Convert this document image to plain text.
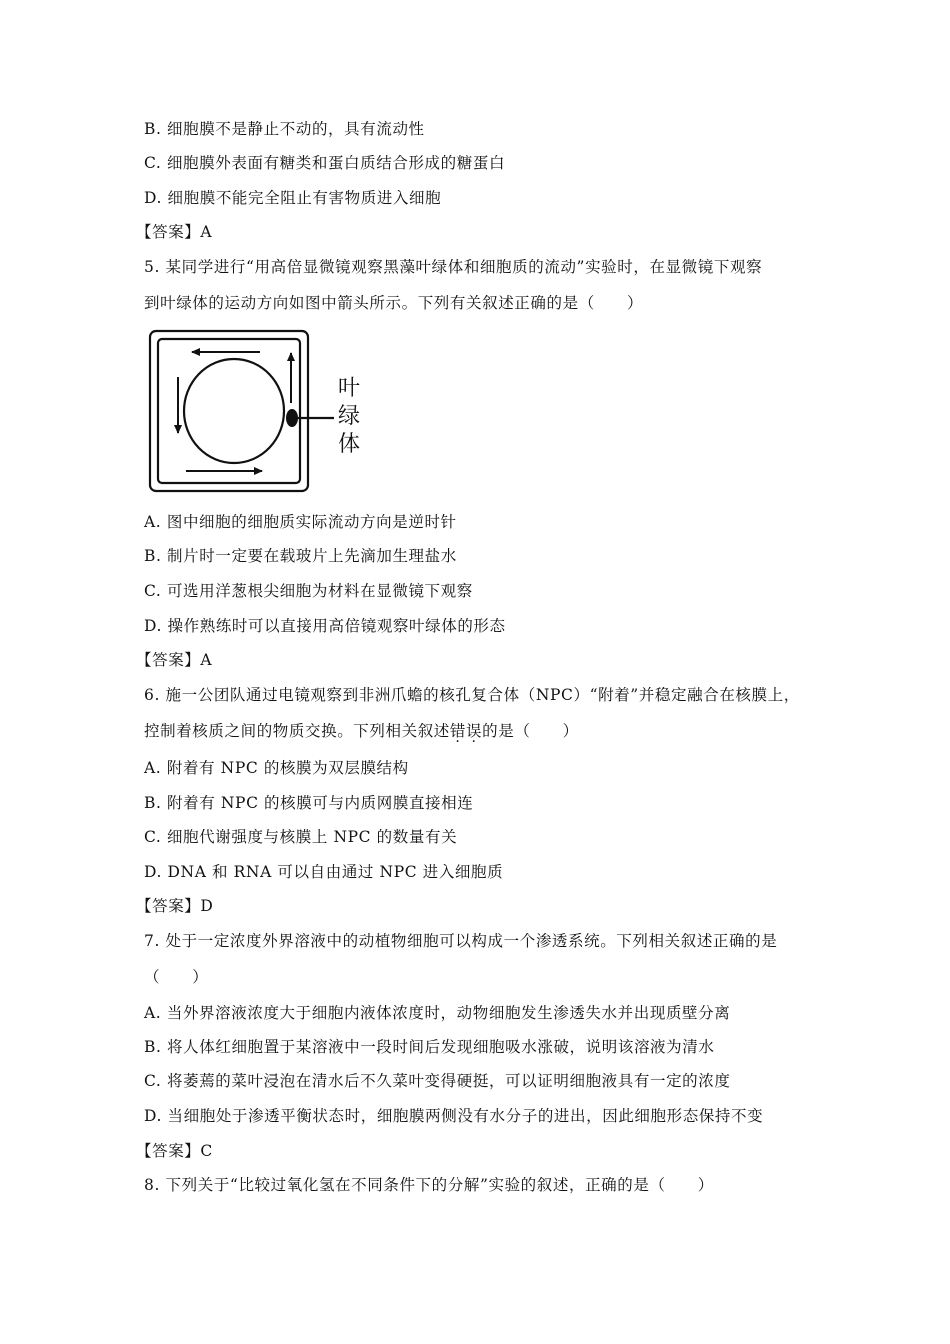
B. 细胞膜不是静止不动的，具有流动性
C. 细胞膜外表面有糖类和蛋白质结合形成的糖蛋白
D. 细胞膜不能完全阻止有害物质进入细胞
【答案】A
5. 某同学进行“用高倍显微镜观察黑藻叶绿体和细胞质的流动”实验时，在显微镜下观察
到叶绿体的运动方向如图中箭头所示。下列有关叙述正确的是（　　）
叶
绿
体
A. 图中细胞的细胞质实际流动方向是逆时针
B. 制片时一定要在载玻片上先滴加生理盐水
C. 可选用洋葱根尖细胞为材料在显微镜下观察
D. 操作熟练时可以直接用高倍镜观察叶绿体的形态
【答案】A
6. 施一公团队通过电镜观察到非洲爪蟾的核孔复合体（NPC）“附着”并稳定融合在核膜上，
控制着核质之间的物质交换。下列相关叙述错误的是（　　）
A. 附着有 NPC 的核膜为双层膜结构
B. 附着有 NPC 的核膜可与内质网膜直接相连
C. 细胞代谢强度与核膜上 NPC 的数量有关
D. DNA 和 RNA 可以自由通过 NPC 进入细胞质
【答案】D
7. 处于一定浓度外界溶液中的动植物细胞可以构成一个渗透系统。下列相关叙述正确的是
（　　）
A. 当外界溶液浓度大于细胞内液体浓度时，动物细胞发生渗透失水并出现质壁分离
B. 将人体红细胞置于某溶液中一段时间后发现细胞吸水涨破，说明该溶液为清水
C. 将萎蔫的菜叶浸泡在清水后不久菜叶变得硬挺，可以证明细胞液具有一定的浓度
D. 当细胞处于渗透平衡状态时，细胞膜两侧没有水分子的进出，因此细胞形态保持不变
【答案】C
8. 下列关于“比较过氧化氢在不同条件下的分解”实验的叙述，正确的是（　　）
